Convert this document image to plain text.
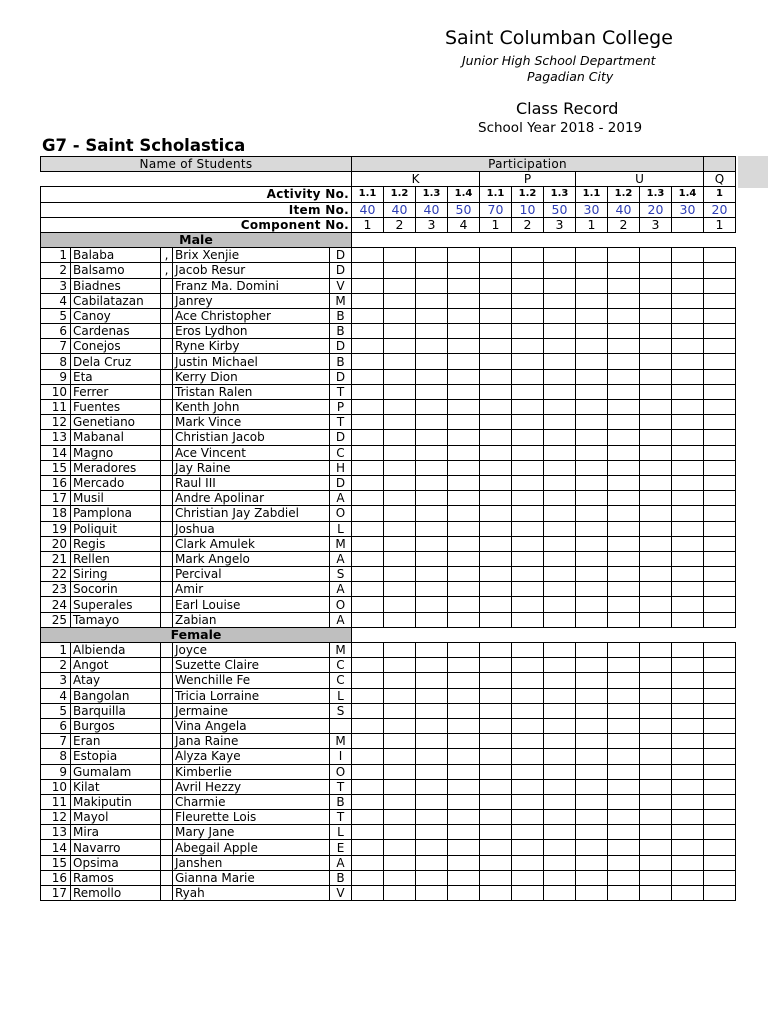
Saint Columban College
Junior High School Department
Pagadian City
Class Record
School Year 2018 - 2019
G7 - Saint Scholastica
Name of Students					Participation											
					K				P			U				Q
Activity No.					1.1	1.2	1.3	1.4	1.1	1.2	1.3	1.1	1.2	1.3	1.4	1
Item No.					40	40	40	50	70	10	50	30	40	20	30	20
Component No.					1	2	3	4	1	2	3	1	2	3		1
Male																
1	Balaba	,	Brix Xenjie	D												
2	Balsamo	,	Jacob Resur	D												
3	Biadnes		Franz Ma. Domini	V												
4	Cabilatazan		Janrey	M												
5	Canoy		Ace Christopher	B												
6	Cardenas		Eros Lydhon	B												
7	Conejos		Ryne Kirby	D												
8	Dela Cruz		Justin Michael	B												
9	Eta		Kerry Dion	D												
10	Ferrer		Tristan Ralen	T												
11	Fuentes		Kenth John	P												
12	Genetiano		Mark Vince	T												
13	Mabanal		Christian Jacob	D												
14	Magno		Ace Vincent	C												
15	Meradores		Jay Raine	H												
16	Mercado		Raul III	D												
17	Musil		Andre Apolinar	A												
18	Pamplona		Christian Jay Zabdiel	O												
19	Poliquit		Joshua	L												
20	Regis		Clark Amulek	M												
21	Rellen		Mark Angelo	A												
22	Siring		Percival	S												
23	Socorin		Amir	A												
24	Superales		Earl Louise	O												
25	Tamayo		Zabian	A												
Female																
1	Albienda		Joyce	M												
2	Angot		Suzette Claire	C												
3	Atay		Wenchille Fe	C												
4	Bangolan		Tricia Lorraine	L												
5	Barquilla		Jermaine	S												
6	Burgos		Vina Angela													
7	Eran		Jana Raine	M												
8	Estopia		Alyza Kaye	I												
9	Gumalam		Kimberlie	O												
10	Kilat		Avril Hezzy	T												
11	Makiputin		Charmie	B												
12	Mayol		Fleurette Lois	T												
13	Mira		Mary Jane	L												
14	Navarro		Abegail Apple	E												
15	Opsima		Janshen	A												
16	Ramos		Gianna Marie	B												
17	Remollo		Ryah	V												
